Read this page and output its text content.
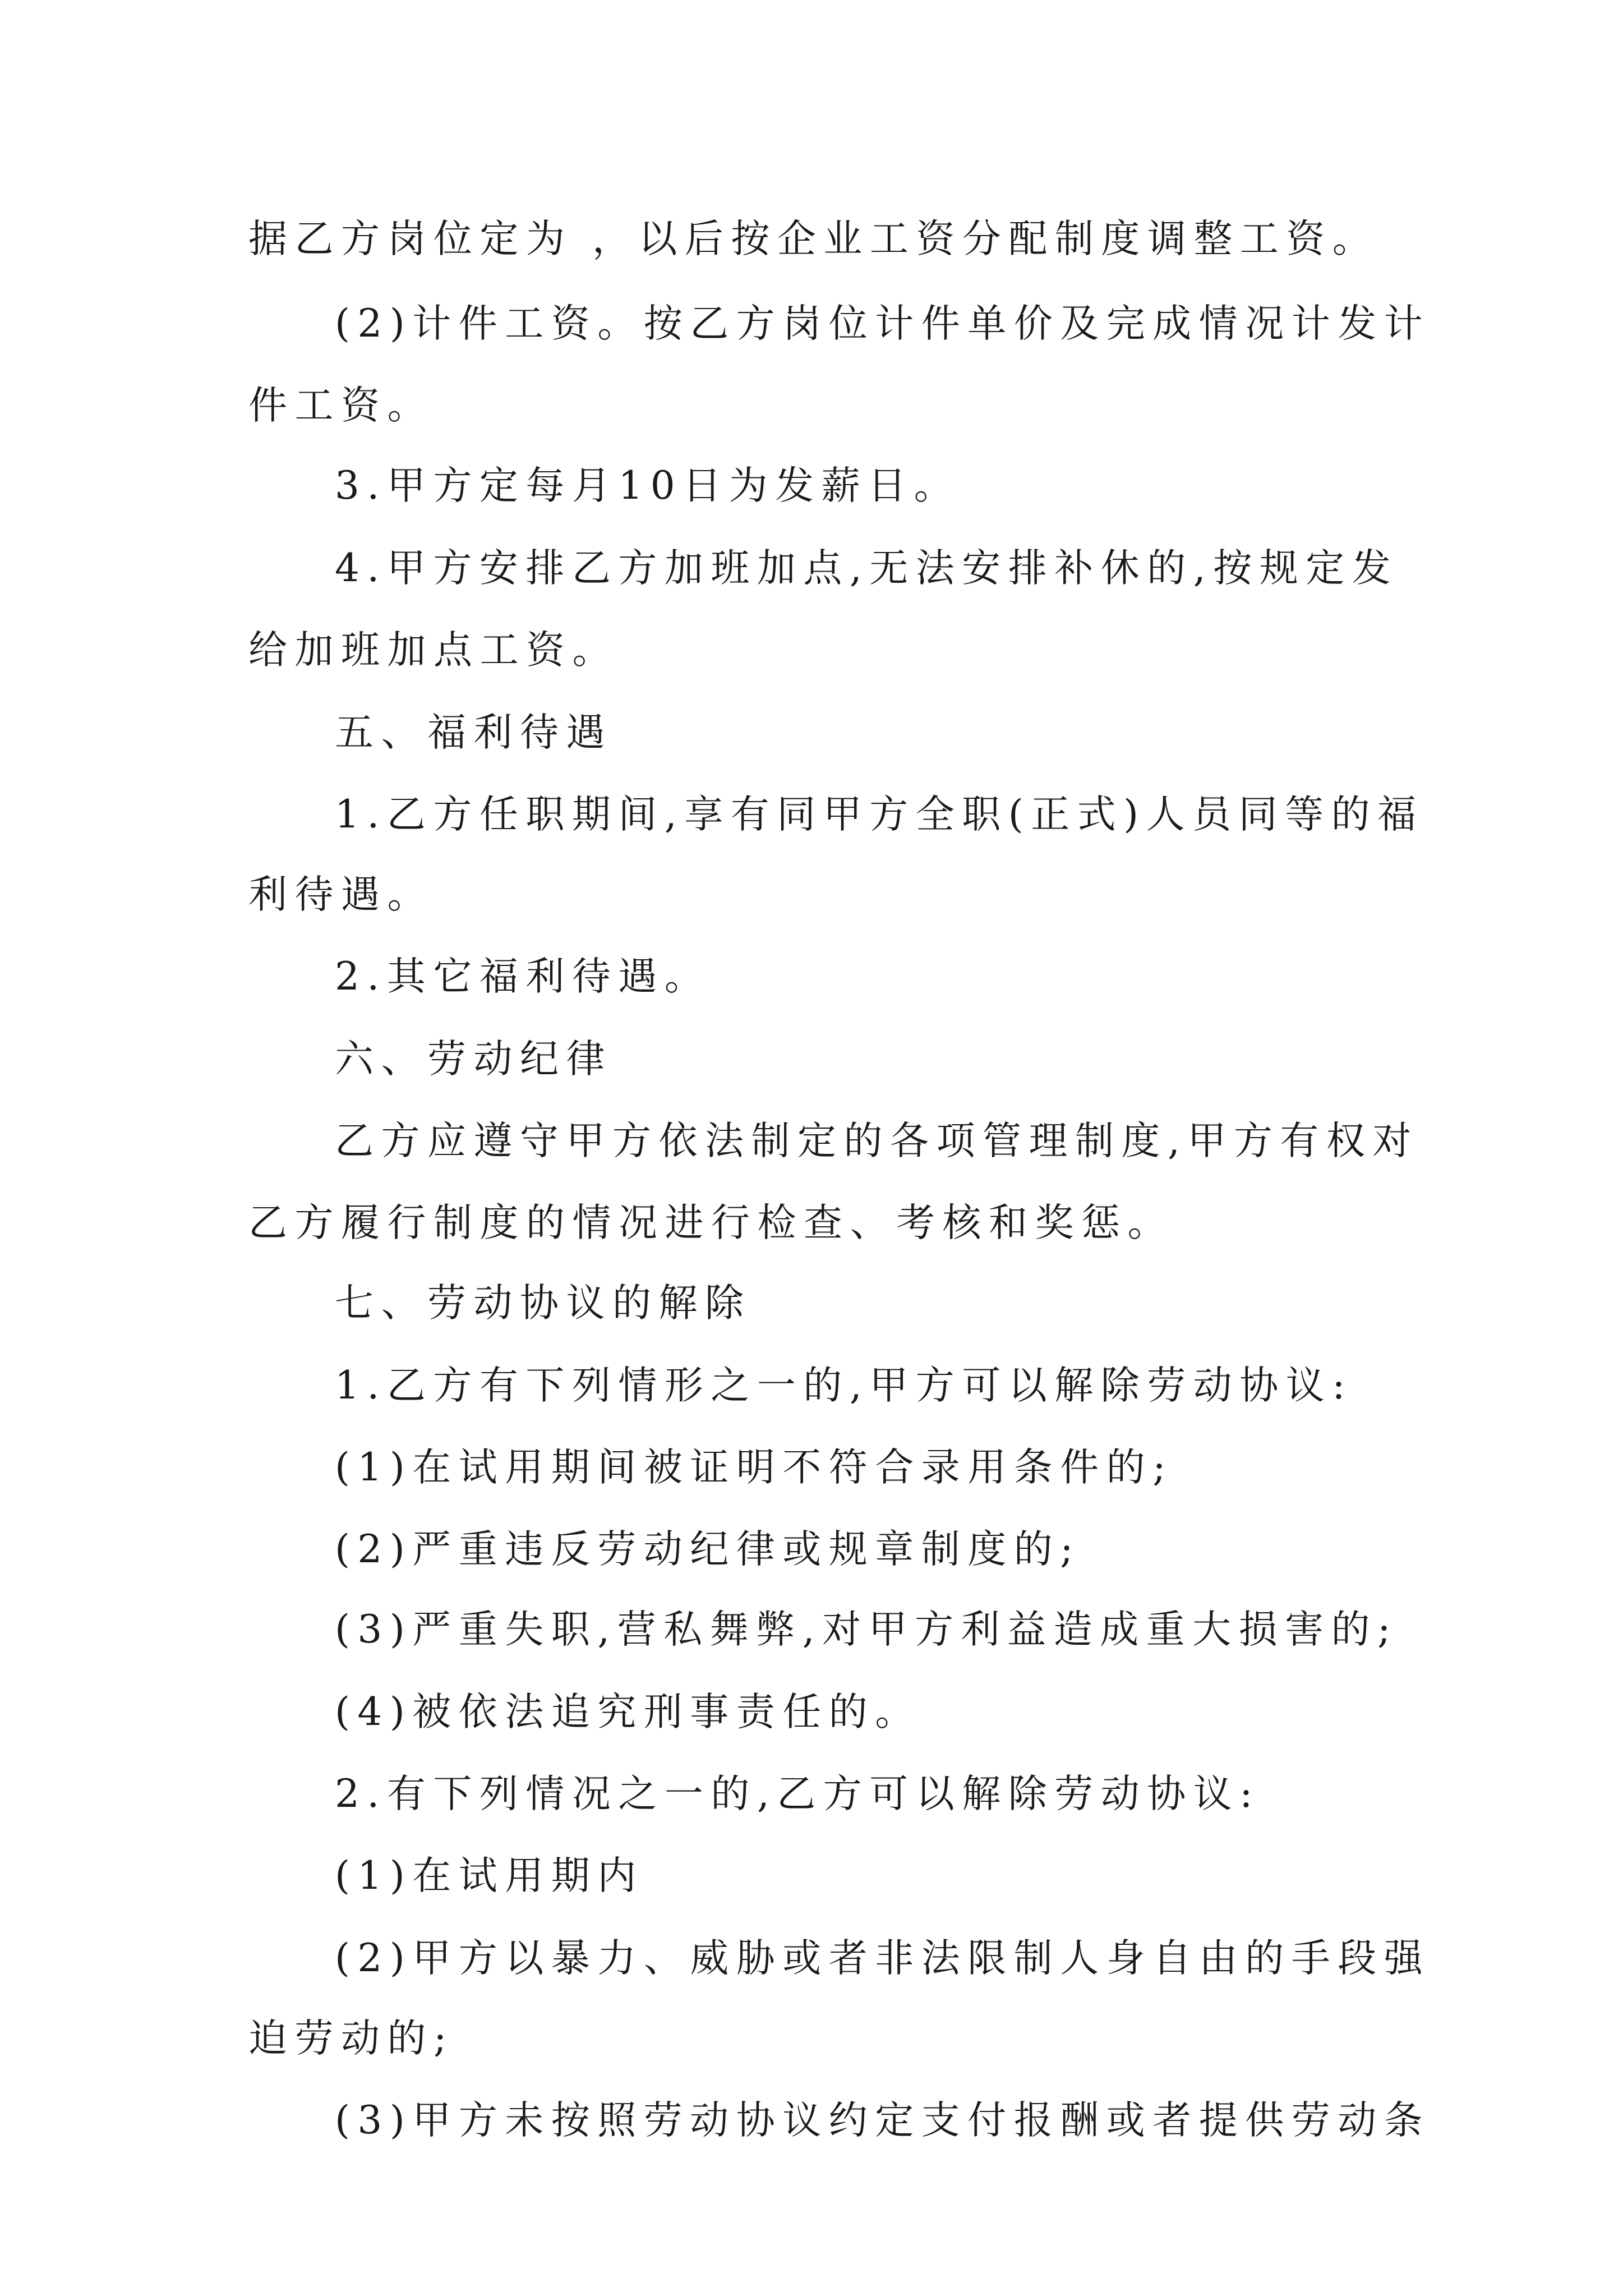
据乙方岗位定为 ，以后按企业工资分配制度调整工资。
(2)计件工资。按乙方岗位计件单价及完成情况计发计
件工资。
3.甲方定每月10日为发薪日。
4.甲方安排乙方加班加点,无法安排补休的,按规定发
给加班加点工资。
五、福利待遇
1.乙方任职期间,享有同甲方全职(正式)人员同等的福
利待遇。
2.其它福利待遇。
六、劳动纪律
乙方应遵守甲方依法制定的各项管理制度,甲方有权对
乙方履行制度的情况进行检查、考核和奖惩。
七、劳动协议的解除
1.乙方有下列情形之一的,甲方可以解除劳动协议:
(1)在试用期间被证明不符合录用条件的;
(2)严重违反劳动纪律或规章制度的;
(3)严重失职,营私舞弊,对甲方利益造成重大损害的;
(4)被依法追究刑事责任的。
2.有下列情况之一的,乙方可以解除劳动协议:
(1)在试用期内
(2)甲方以暴力、威胁或者非法限制人身自由的手段强
迫劳动的;
(3)甲方未按照劳动协议约定支付报酬或者提供劳动条
